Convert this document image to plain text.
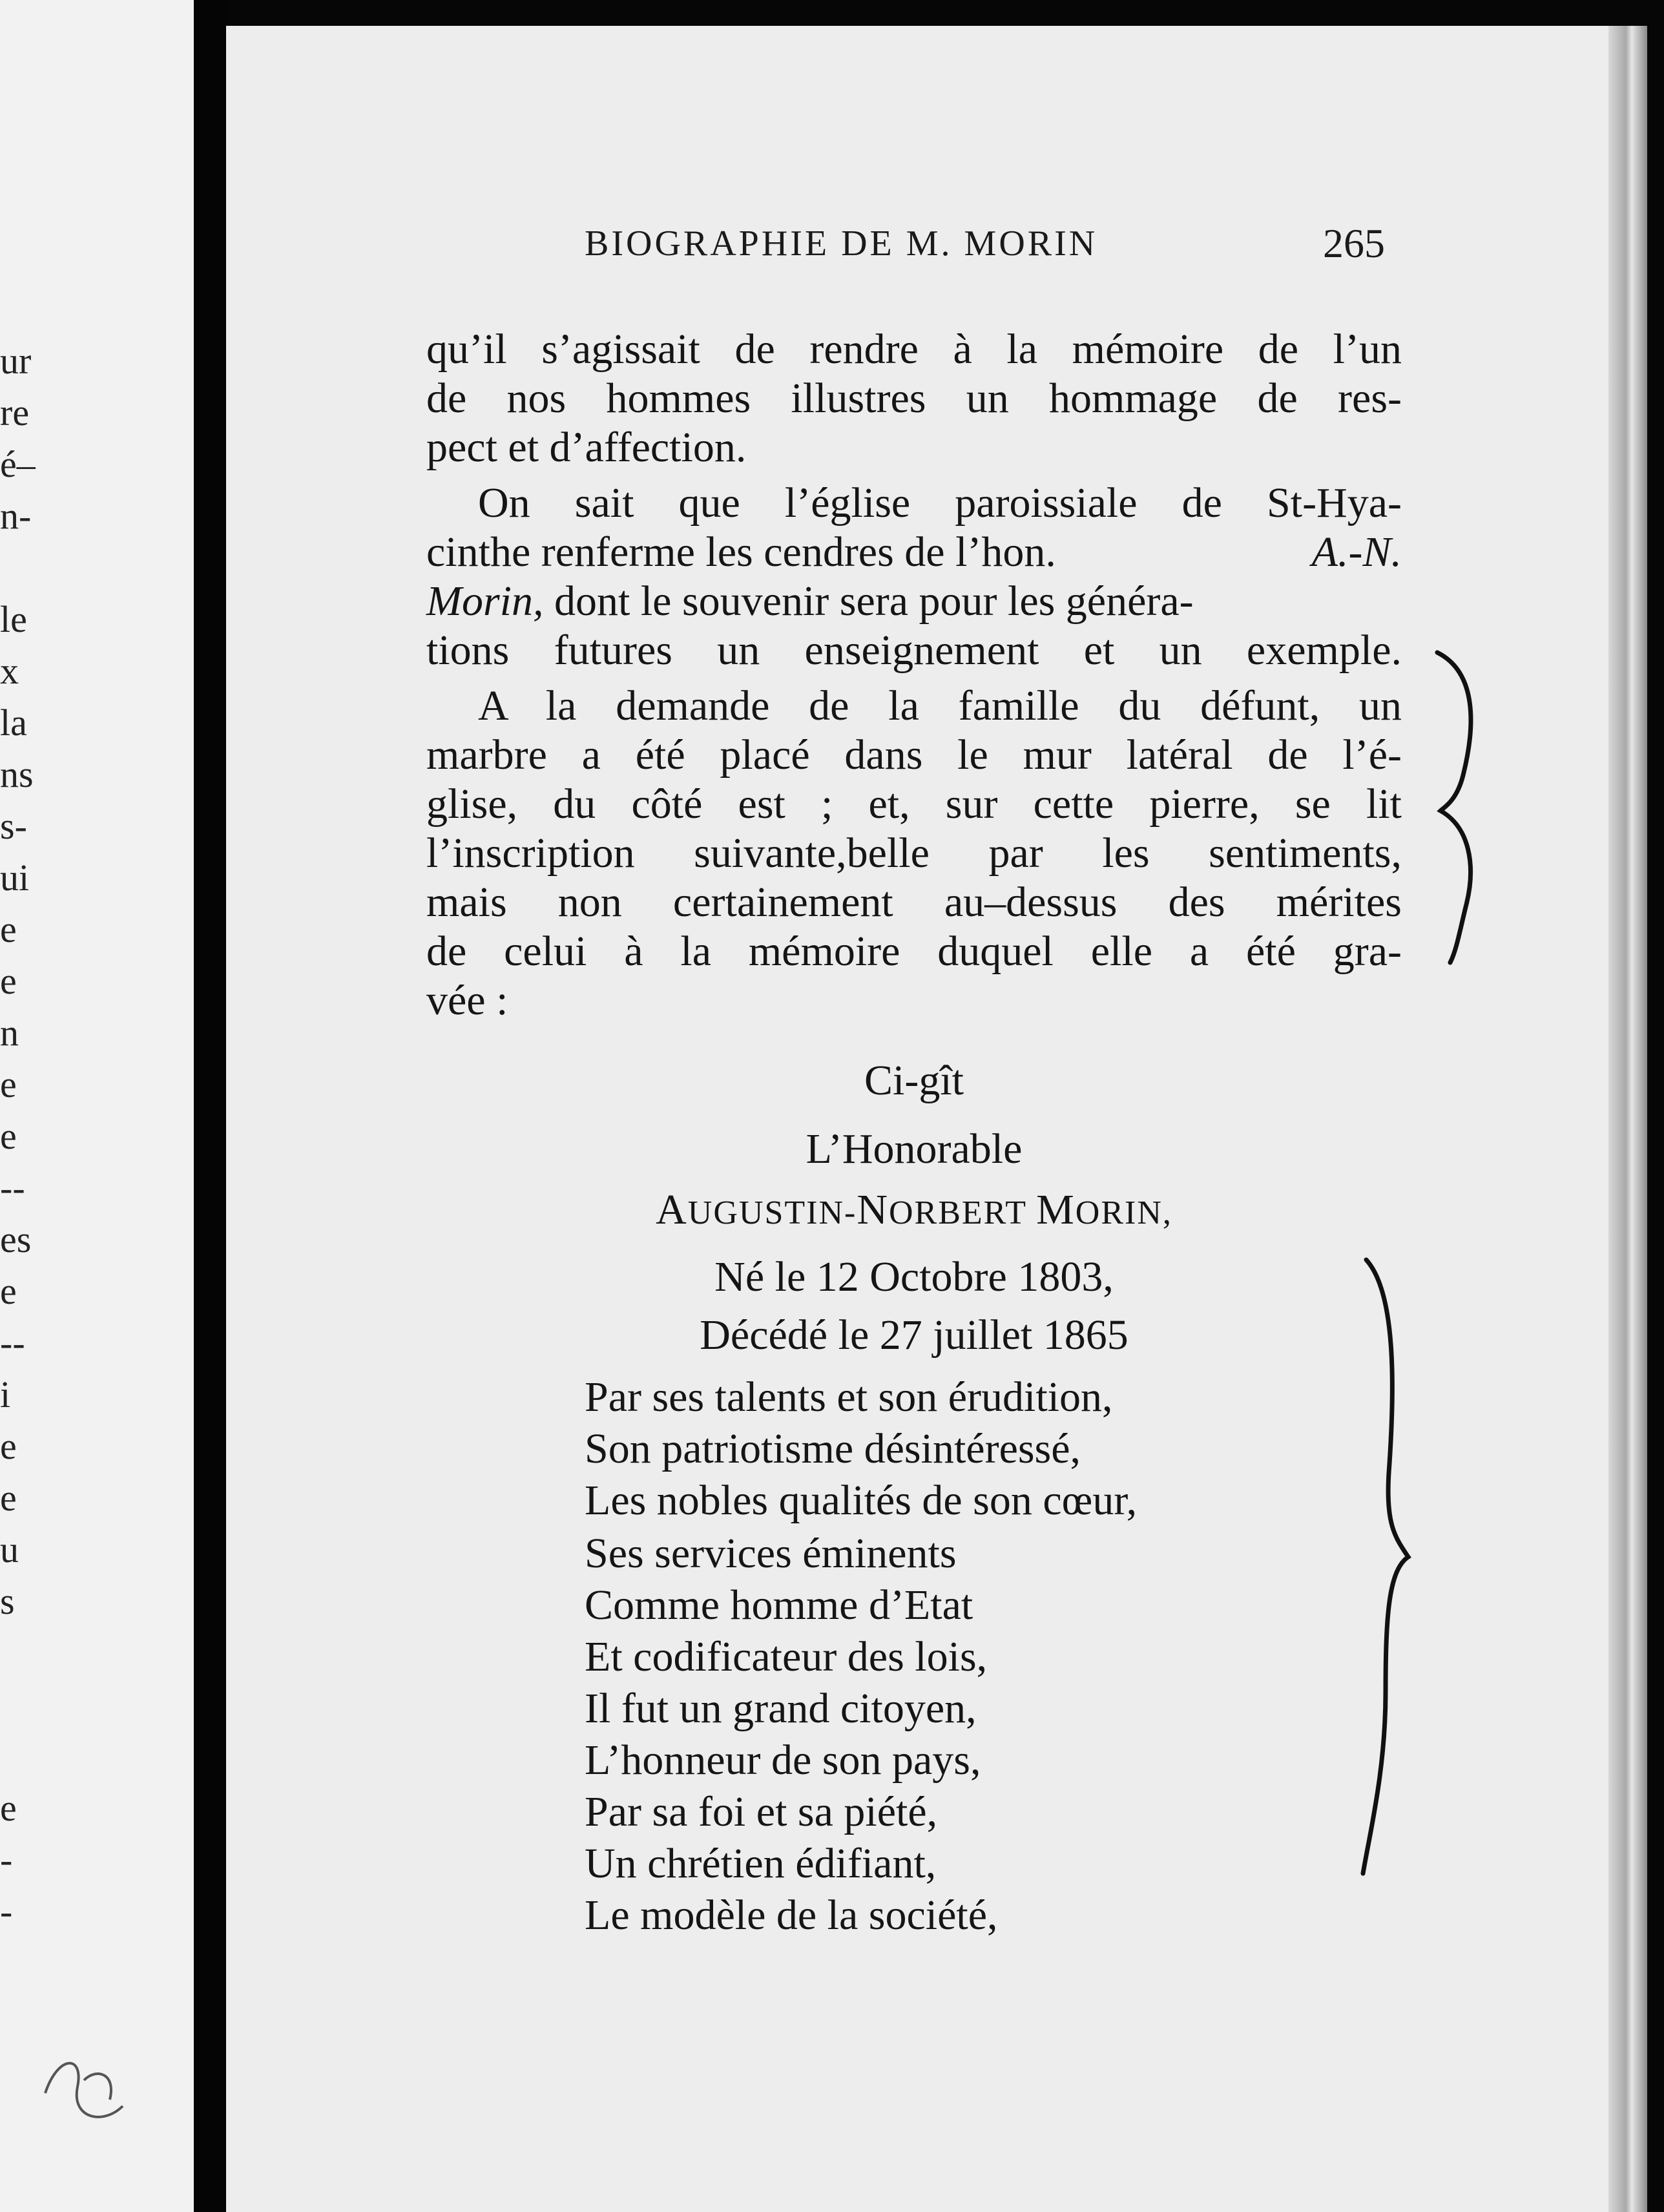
ur
re
é–
n-
le
x
la
ns
s-
ui
e
e
n
e
e
--
es
e
--
i
e
e
u
s
e
-
-
BIOGRAPHIE DE M. MORIN	265
qu’il s’agissait de rendre à la mémoire de l’un
de nos hommes illustres un hommage de res-
pect et d’affection.
On sait que l’église paroissiale de St-Hya-
cinthe renferme les cendres de l’hon.	A.-N.
Morin, dont le souvenir sera pour les généra-
tions futures un enseignement et un exemple.
A la demande de la famille du défunt, un
marbre a été placé dans le mur latéral de l’é-
glise, du côté est ; et, sur cette pierre, se lit
l’inscription suivante,belle par les sentiments,
mais non certainement au–dessus des mérites
de celui à la mémoire duquel elle a été gra-
vée :
Ci-gît
L’Honorable
AUGUSTIN-NORBERT MORIN,
Né le 12 Octobre 1803,
Décédé le 27 juillet 1865
Par ses talents et son érudition,
Son patriotisme désintéressé,
Les nobles qualités de son cœur,
Ses services éminents
Comme homme d’Etat
Et codificateur des lois,
Il fut un grand citoyen,
L’honneur de son pays,
Par sa foi et sa piété,
Un chrétien édifiant,
Le modèle de la société,
